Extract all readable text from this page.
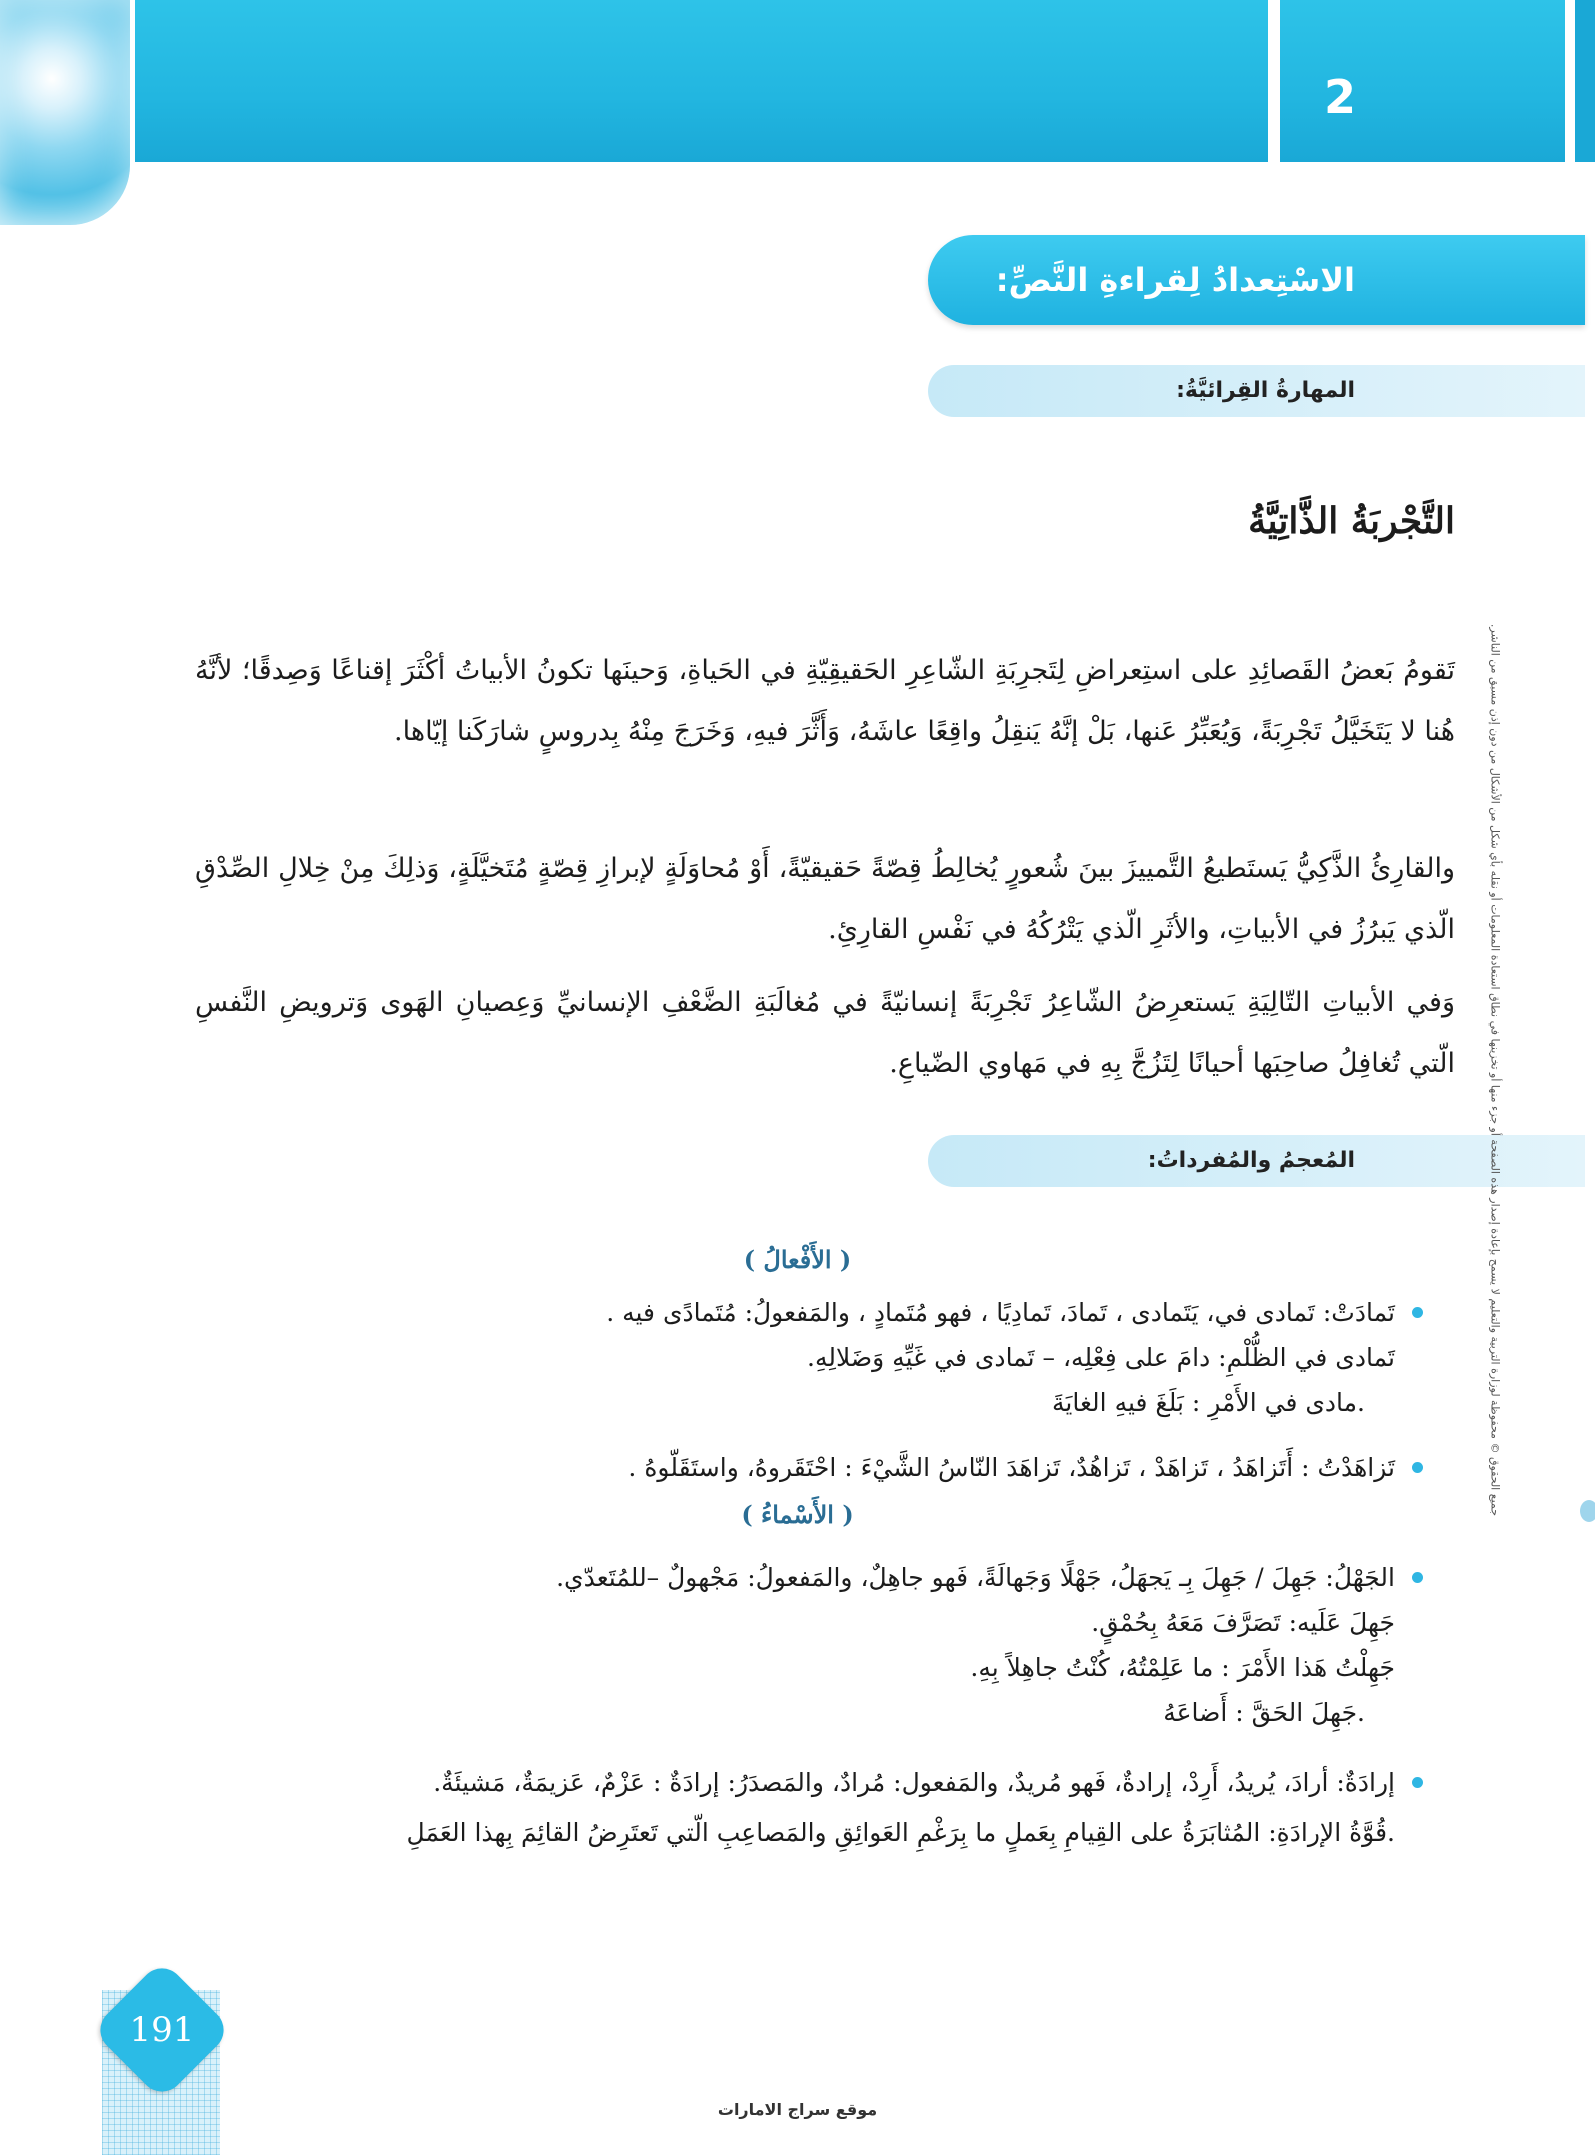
2
الاسْتِعدادُ لِقراءةِ النَّصِّ:
المهارةُ القِرائيَّةُ:
التَّجْربَةُ الذَّاتِيَّةُ
تَقومُ بَعضُ القَصائِدِ على استِعراضِ لِتَجرِبَةِ الشّاعِرِ الحَقيقِيّةِ في الحَياةِ، وَحينَها تكونُ الأبياتُ أكْثَرَ إقناعًا وَصِدقًا؛ لأنَّهُ هُنا لا يَتَخَيَّلُ تَجْرِبَةً، وَيُعَبِّرُ عَنها، بَلْ إنَّهُ يَنقِلُ واقِعًا عاشَهُ، وَأَثَّرَ فيهِ، وَخَرَجَ مِنْهُ بِدروسٍ شارَكَنا إيّاها.
والقارِئُ الذَّكِيُّ يَستَطيعُ التَّمييزَ بينَ شُعورٍ يُخالِطُ قِصّةً حَقيقيّةً، أَوْ مُحاوَلَةٍ لإبرازِ قِصّةٍ مُتَخيَّلَةٍ، وَذلِكَ مِنْ خِلالِ الصِّدْقِ الّذي يَبرُزُ في الأبياتِ، والأثَرِ الّذي يَتْرُكُهُ في نَفْسِ القارِئِ.
وَفي الأبياتِ التّالِيَةِ يَستعرِضُ الشّاعِرُ تَجْرِبَةً إنسانيّةً في مُغالَبَةِ الضَّعْفِ الإنسانيِّ وَعِصيانِ الهَوى وَترويضِ النَّفسِ الّتي تُغافِلُ صاحِبَها أحيانًا لِتَزُجَّ بِهِ في مَهاوي الضّياعِ.
المُعجمُ والمُفرداتُ:
( الأَفْعالُ )
تَمادَتْ: تَمادى في، يَتَمادى ، تَمادَ، تَمادِيًا ، فهو مُتَمادٍ ، والمَفعولُ: مُتَمادًى فيه .
تَمادى في الظُّلْمِ: دامَ على فِعْلِه، – تَمادى في غَيِّهِ وَضَلالِهِ.
.مادى في الأَمْرِ : بَلَغَ فيهِ الغايَةَ
تَزاهَدْتُ : أَتَزاهَدُ ، تَزاهَدْ ، تَزاهُدٌ، تَزاهَدَ النّاسُ الشَّيْءَ : احْتَقَروهُ، واستَقَلّوهُ .
( الأَسْماءُ )
الجَهْلُ: جَهِلَ / جَهِلَ بِـ يَجهَلُ، جَهْلًا وَجَهالَةً، فَهو جاهِلٌ، والمَفعولُ: مَجْهولٌ –للمُتَعدّي.
جَهِلَ عَلَيه: تَصَرَّفَ مَعَهُ بِحُمْقٍ.
جَهِلْتُ هَذا الأَمْرَ : ما عَلِمْتُهُ، كُنْتُ جاهِلاً بِهِ.
.جَهِلَ الحَقَّ : أَضاعَهُ
إرادَةٌ: أرادَ، يُريدُ، أَرِدْ، إرادةٌ، فَهو مُريدٌ، والمَفعول: مُرادٌ، والمَصدَرُ: إرادَةٌ : عَزْمٌ، عَزيمَةٌ، مَشيئَةٌ.
.قُوَّةُ الإرادَةِ: المُثابَرَةُ على القِيامِ بِعَملٍ ما بِرَغْمِ العَوائِقِ والمَصاعِبِ الّتي تَعتَرِضُ القائِمَ بِهذا العَمَلِ
جميع الحقوق © محفوظة لوزارة التربية والتعليم لا يسمح بإعادة إصدار هذه الصفحة أو جزء منها أو تخزينها في نطاق استعادة المعلومات أو نقله بأي شكل من الأشكال من دون إذن مسبق من الناشر.
191
موقع سراج الامارات
